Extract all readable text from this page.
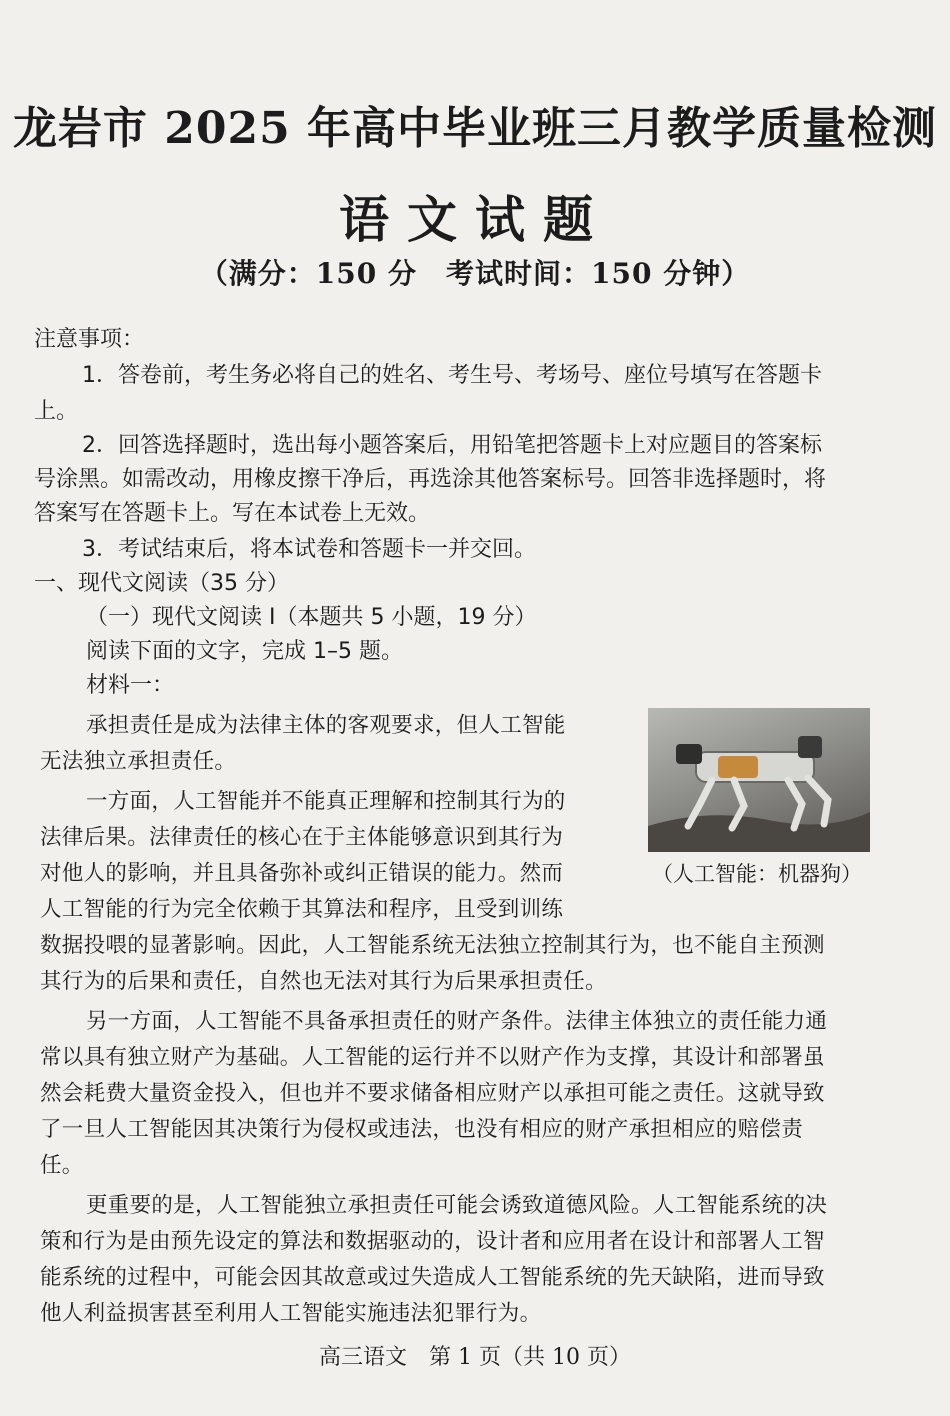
龙岩市 2025 年高中毕业班三月教学质量检测
语文试题
（满分：150 分　考试时间：150 分钟）
注意事项：
1．答卷前，考生务必将自己的姓名、考生号、考场号、座位号填写在答题卡
上。
2．回答选择题时，选出每小题答案后，用铅笔把答题卡上对应题目的答案标
号涂黑。如需改动，用橡皮擦干净后，再选涂其他答案标号。回答非选择题时，将
答案写在答题卡上。写在本试卷上无效。
3．考试结束后，将本试卷和答题卡一并交回。
一、现代文阅读（35 分）
（一）现代文阅读 I（本题共 5 小题，19 分）
阅读下面的文字，完成 1–5 题。
材料一：
（人工智能：机器狗）
承担责任是成为法律主体的客观要求，但人工智能
无法独立承担责任。
一方面，人工智能并不能真正理解和控制其行为的
法律后果。法律责任的核心在于主体能够意识到其行为
对他人的影响，并且具备弥补或纠正错误的能力。然而
人工智能的行为完全依赖于其算法和程序，且受到训练
数据投喂的显著影响。因此，人工智能系统无法独立控制其行为，也不能自主预测
其行为的后果和责任，自然也无法对其行为后果承担责任。
另一方面，人工智能不具备承担责任的财产条件。法律主体独立的责任能力通
常以具有独立财产为基础。人工智能的运行并不以财产作为支撑，其设计和部署虽
然会耗费大量资金投入，但也并不要求储备相应财产以承担可能之责任。这就导致
了一旦人工智能因其决策行为侵权或违法，也没有相应的财产承担相应的赔偿责
任。
更重要的是，人工智能独立承担责任可能会诱致道德风险。人工智能系统的决
策和行为是由预先设定的算法和数据驱动的，设计者和应用者在设计和部署人工智
能系统的过程中，可能会因其故意或过失造成人工智能系统的先天缺陷，进而导致
他人利益损害甚至利用人工智能实施违法犯罪行为。
高三语文　第 1 页（共 10 页）
